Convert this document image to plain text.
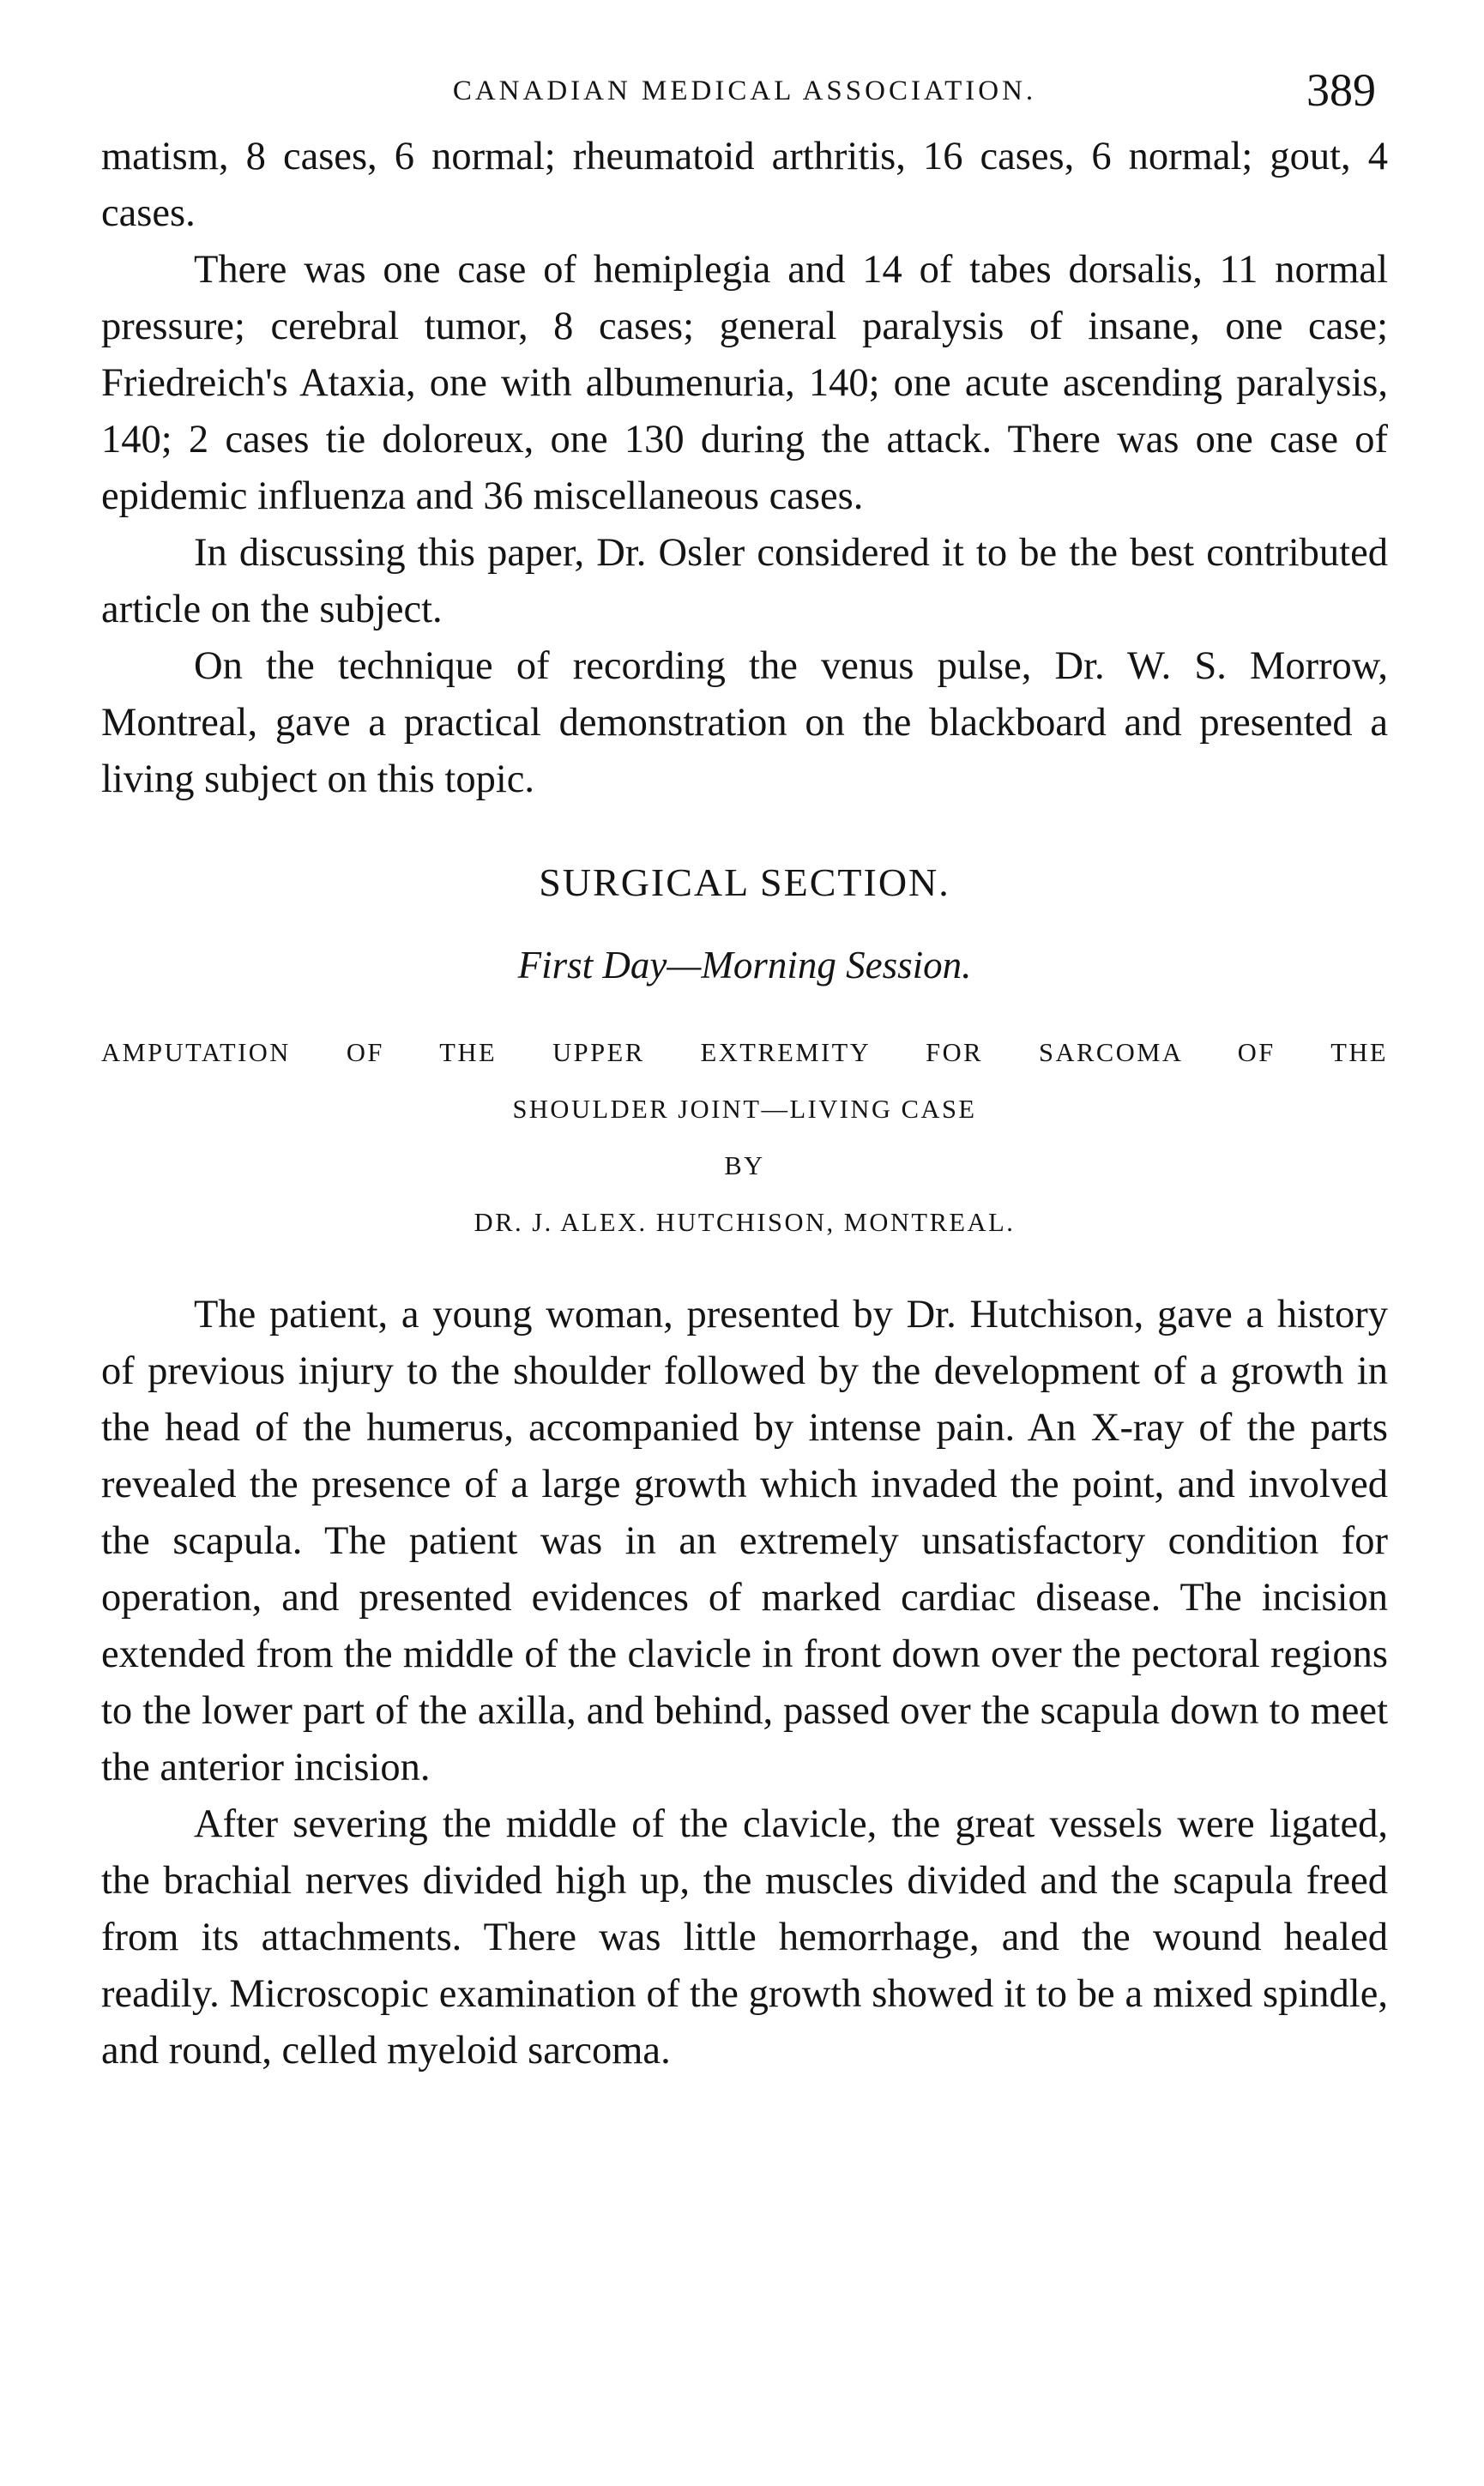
CANADIAN MEDICAL ASSOCIATION.	389

matism, 8 cases, 6 normal; rheumatoid arthritis, 16 cases, 6 normal; gout, 4 cases.

There was one case of hemiplegia and 14 of tabes dorsalis, 11 normal pressure; cerebral tumor, 8 cases; general paralysis of insane, one case; Friedreich's Ataxia, one with albumenuria, 140; one acute ascending paralysis, 140; 2 cases tie doloreux, one 130 during the attack. There was one case of epidemic influenza and 36 miscellaneous cases.

In discussing this paper, Dr. Osler considered it to be the best contributed article on the subject.

On the technique of recording the venus pulse, Dr. W. S. Morrow, Montreal, gave a practical demonstration on the blackboard and presented a living subject on this topic.

SURGICAL SECTION.
First Day—Morning Session.
AMPUTATION OF THE UPPER EXTREMITY FOR SARCOMA OF THE
SHOULDER JOINT—LIVING CASE
BY
DR. J. ALEX. HUTCHISON, MONTREAL.

The patient, a young woman, presented by Dr. Hutchison, gave a history of previous injury to the shoulder followed by the development of a growth in the head of the humerus, accompanied by intense pain. An X-ray of the parts revealed the presence of a large growth which invaded the point, and involved the scapula. The patient was in an extremely unsatisfactory condition for operation, and presented evidences of marked cardiac disease. The incision extended from the middle of the clavicle in front down over the pectoral regions to the lower part of the axilla, and behind, passed over the scapula down to meet the anterior incision.

After severing the middle of the clavicle, the great vessels were ligated, the brachial nerves divided high up, the muscles divided and the scapula freed from its attachments. There was little hemorrhage, and the wound healed readily. Microscopic examination of the growth showed it to be a mixed spindle, and round, celled myeloid sarcoma.
